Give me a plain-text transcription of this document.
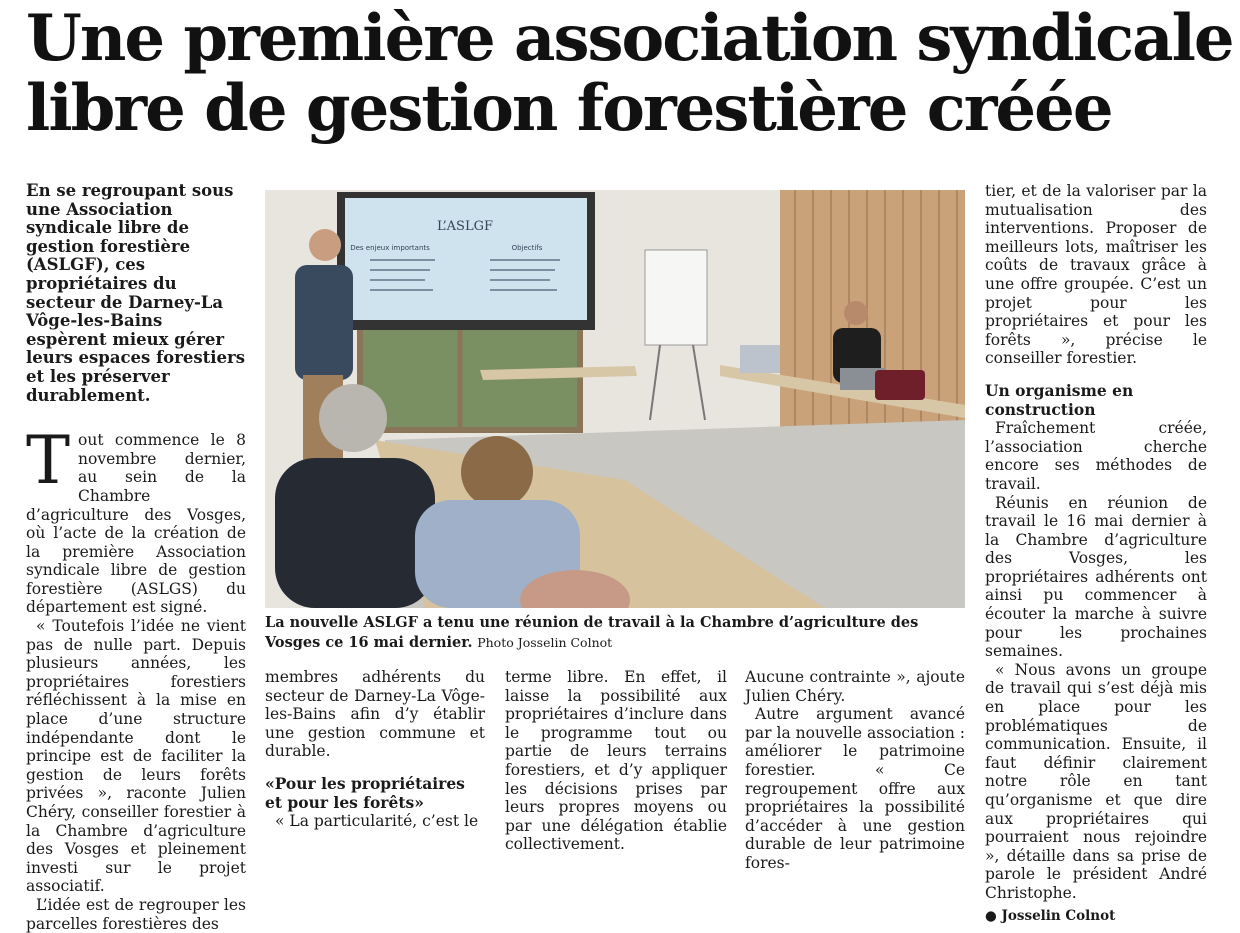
Une première association syndicale
libre de gestion forestière créée

En se regroupant sous une Association syndicale libre de gestion forestière (ASLGF), ces propriétaires du secteur de Darney-La Vôge-les-Bains espèrent mieux gérer leurs espaces forestiers et les préserver durablement.

T out commence le 8 novembre dernier, au sein de la Chambre d’agriculture des Vosges, où l’acte de la création de la première Association syndicale libre de gestion forestière (ASLGS) du département est signé.

« Toutefois l’idée ne vient pas de nulle part. Depuis plusieurs années, les propriétaires forestiers réfléchissent à la mise en place d’une structure indépendante dont le principe est de faciliter la gestion de leurs forêts privées », raconte Julien Chéry, conseiller forestier à la Chambre d’agriculture des Vosges et pleinement investi sur le projet associatif.

L’idée est de regrouper les parcelles forestières des

L’ASLGF
Des enjeux importants	Objectifs
La nouvelle ASLGF a tenu une réunion de travail à la Chambre d’agriculture des Vosges ce 16 mai dernier. Photo Josselin Colnot

membres adhérents du secteur de Darney-La Vôge-les-Bains afin d’y établir une gestion commune et durable.

«Pour les propriétaires et pour les forêts»

« La particularité, c’est le

terme libre. En effet, il laisse la possibilité aux propriétaires d’inclure dans le programme tout ou partie de leurs terrains forestiers, et d’y appliquer les décisions prises par leurs propres moyens ou par une délégation établie collectivement.

Aucune contrainte », ajoute Julien Chéry.

Autre argument avancé par la nouvelle association : améliorer le patrimoine forestier. « Ce regroupement offre aux propriétaires la possibilité d’accéder à une gestion durable de leur patrimoine fores-

tier, et de la valoriser par la mutualisation des interventions. Proposer de meilleurs lots, maîtriser les coûts de travaux grâce à une offre groupée. C’est un projet pour les propriétaires et pour les forêts », précise le conseiller forestier.

Un organisme en construction

Fraîchement créée, l’association cherche encore ses méthodes de travail.

Réunis en réunion de travail le 16 mai dernier à la Chambre d’agriculture des Vosges, les propriétaires adhérents ont ainsi pu commencer à écouter la marche à suivre pour les prochaines semaines.

« Nous avons un groupe de travail qui s’est déjà mis en place pour les problématiques de communication. Ensuite, il faut définir clairement notre rôle en tant qu’organisme et que dire aux propriétaires qui pourraient nous rejoindre », détaille dans sa prise de parole le président André Christophe.

● Josselin Colnot
